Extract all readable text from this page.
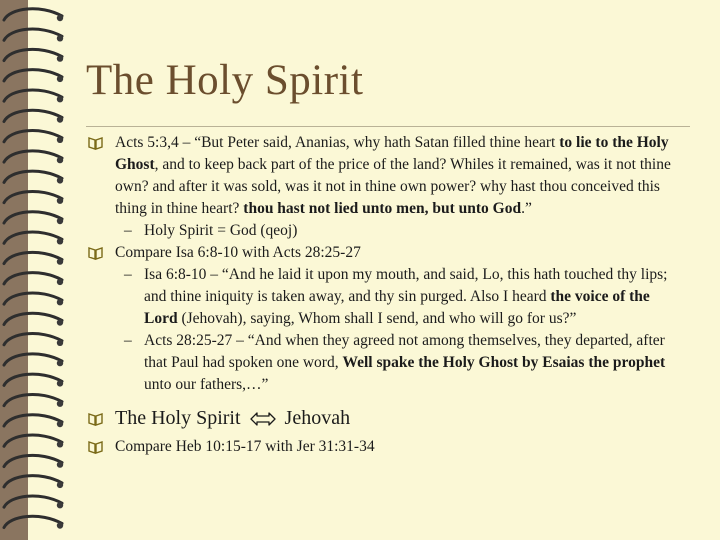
The Holy Spirit
Acts 5:3,4 – “But Peter said, Ananias, why hath Satan filled thine heart to lie to the Holy Ghost, and to keep back part of the price of the land? Whiles it remained, was it not thine own? and after it was sold, was it not in thine own power? why hast thou conceived this thing in thine heart? thou hast not lied unto men, but unto God.”
– Holy Spirit = God (qeoj)
Compare Isa 6:8-10 with Acts 28:25-27
– Isa 6:8-10 – “And he laid it upon my mouth, and said, Lo, this hath touched thy lips; and thine iniquity is taken away, and thy sin purged. Also I heard the voice of the Lord (Jehovah), saying, Whom shall I send, and who will go for us?”
– Acts 28:25-27 – “And when they agreed not among themselves, they departed, after that Paul had spoken one word, Well spake the Holy Ghost by Esaias the prophet unto our fathers,…”
The Holy Spirit Jehovah
Compare Heb 10:15-17 with Jer 31:31-34
